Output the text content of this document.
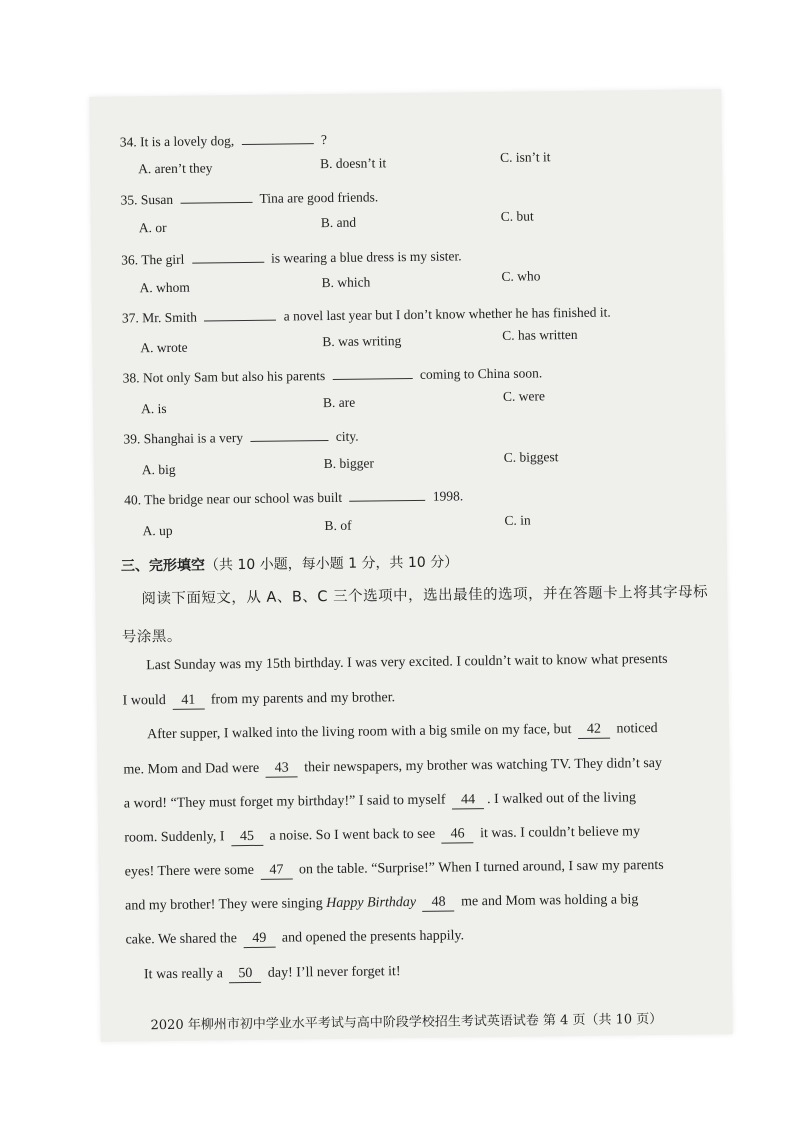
34. It is a lovely dog,	?
A. aren’t they	B. doesn’t it	C. isn’t it
35. Susan	Tina are good friends.
A. or	B. and	C. but
36. The girl	is wearing a blue dress is my sister.
A. whom	B. which	C. who
37. Mr. Smith	a novel last year but I don’t know whether he has finished it.
A. wrote	B. was writing	C. has written
38. Not only Sam but also his parents	coming to China soon.
A. is	B. are	C. were
39. Shanghai is a very	city.
A. big	B. bigger	C. biggest
40. The bridge near our school was built	1998.
A. up	B. of	C. in
三、完形填空（共 10 小题，每小题 1 分，共 10 分）
阅读下面短文，从 A、B、C 三个选项中，选出最佳的选项，并在答题卡上将其字母标
号涂黑。
Last Sunday was my 15th birthday. I was very excited. I couldn’t wait to know what presents
I would 41 from my parents and my brother.
After supper, I walked into the living room with a big smile on my face, but 42 noticed
me. Mom and Dad were 43 their newspapers, my brother was watching TV. They didn’t say
a word! “They must forget my birthday!” I said to myself 44 . I walked out of the living
room. Suddenly, I 45 a noise. So I went back to see 46 it was. I couldn’t believe my
eyes! There were some 47 on the table. “Surprise!” When I turned around, I saw my parents
and my brother! They were singing Happy Birthday 48 me and Mom was holding a big
cake. We shared the 49 and opened the presents happily.
It was really a 50 day! I’ll never forget it!
2020 年柳州市初中学业水平考试与高中阶段学校招生考试英语试卷 第 4 页（共 10 页）
